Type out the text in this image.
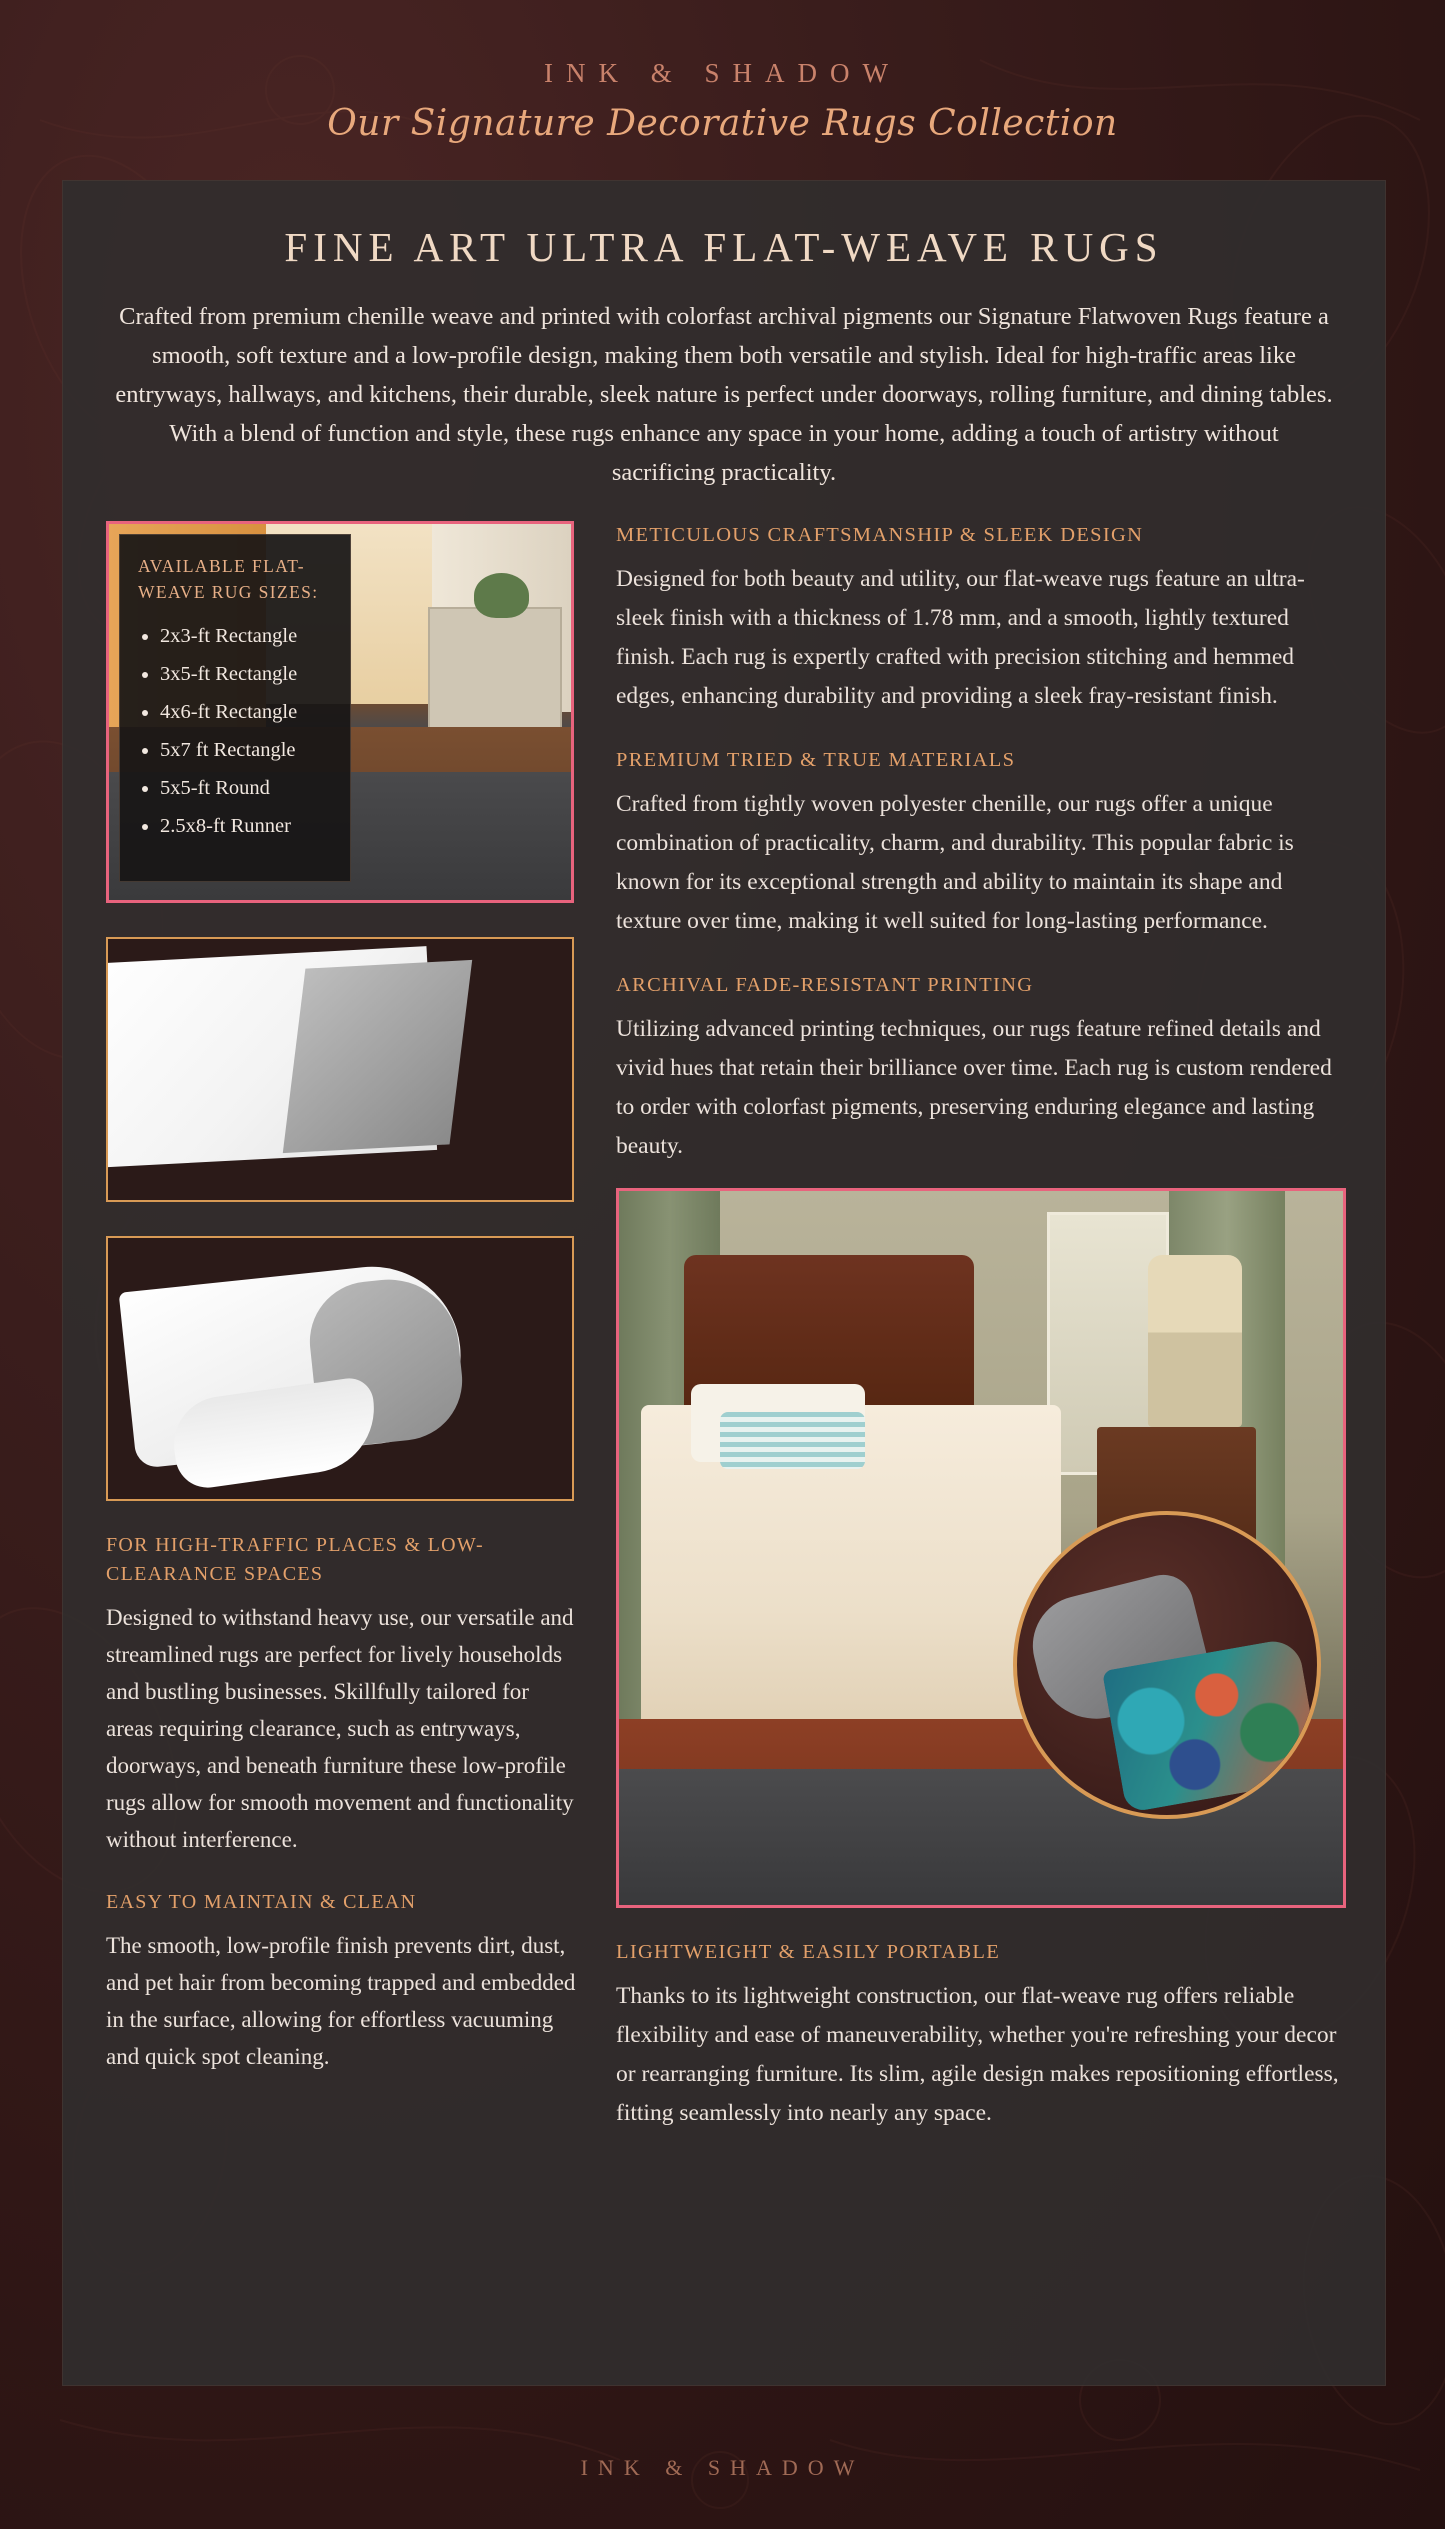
INK & SHADOW
Our Signature Decorative Rugs Collection
FINE ART ULTRA FLAT-WEAVE RUGS

Crafted from premium chenille weave and printed with colorfast archival pigments our Signature Flatwoven Rugs feature a smooth, soft texture and a low-profile design, making them both versatile and stylish. Ideal for high-traffic areas like entryways, hallways, and kitchens, their durable, sleek nature is perfect under doorways, rolling furniture, and dining tables. With a blend of function and style, these rugs enhance any space in your home, adding a touch of artistry without sacrificing practicality.

AVAILABLE FLAT-WEAVE RUG SIZES:
• 2x3-ft Rectangle
• 3x5-ft Rectangle
• 4x6-ft Rectangle
• 5x7 ft Rectangle
• 5x5-ft Round
• 2.5x8-ft Runner
FOR HIGH-TRAFFIC PLACES & LOW-CLEARANCE SPACES

Designed to withstand heavy use, our versatile and streamlined rugs are perfect for lively households and bustling businesses. Skillfully tailored for areas requiring clearance, such as entryways, doorways, and beneath furniture these low-profile rugs allow for smooth movement and functionality without interference.

EASY TO MAINTAIN & CLEAN

The smooth, low-profile finish prevents dirt, dust, and pet hair from becoming trapped and embedded in the surface, allowing for effortless vacuuming and quick spot cleaning.

METICULOUS CRAFTSMANSHIP & SLEEK DESIGN

Designed for both beauty and utility, our flat-weave rugs feature an ultra-sleek finish with a thickness of 1.78 mm, and a smooth, lightly textured finish. Each rug is expertly crafted with precision stitching and hemmed edges, enhancing durability and providing a sleek fray-resistant finish.

PREMIUM TRIED & TRUE MATERIALS

Crafted from tightly woven polyester chenille, our rugs offer a unique combination of practicality, charm, and durability. This popular fabric is known for its exceptional strength and ability to maintain its shape and texture over time, making it well suited for long-lasting performance.

ARCHIVAL FADE-RESISTANT PRINTING

Utilizing advanced printing techniques, our rugs feature refined details and vivid hues that retain their brilliance over time. Each rug is custom rendered to order with colorfast pigments, preserving enduring elegance and lasting beauty.

LIGHTWEIGHT & EASILY PORTABLE

Thanks to its lightweight construction, our flat-weave rug offers reliable flexibility and ease of maneuverability, whether you're refreshing your decor or rearranging furniture. Its slim, agile design makes repositioning effortless, fitting seamlessly into nearly any space.

INK & SHADOW
